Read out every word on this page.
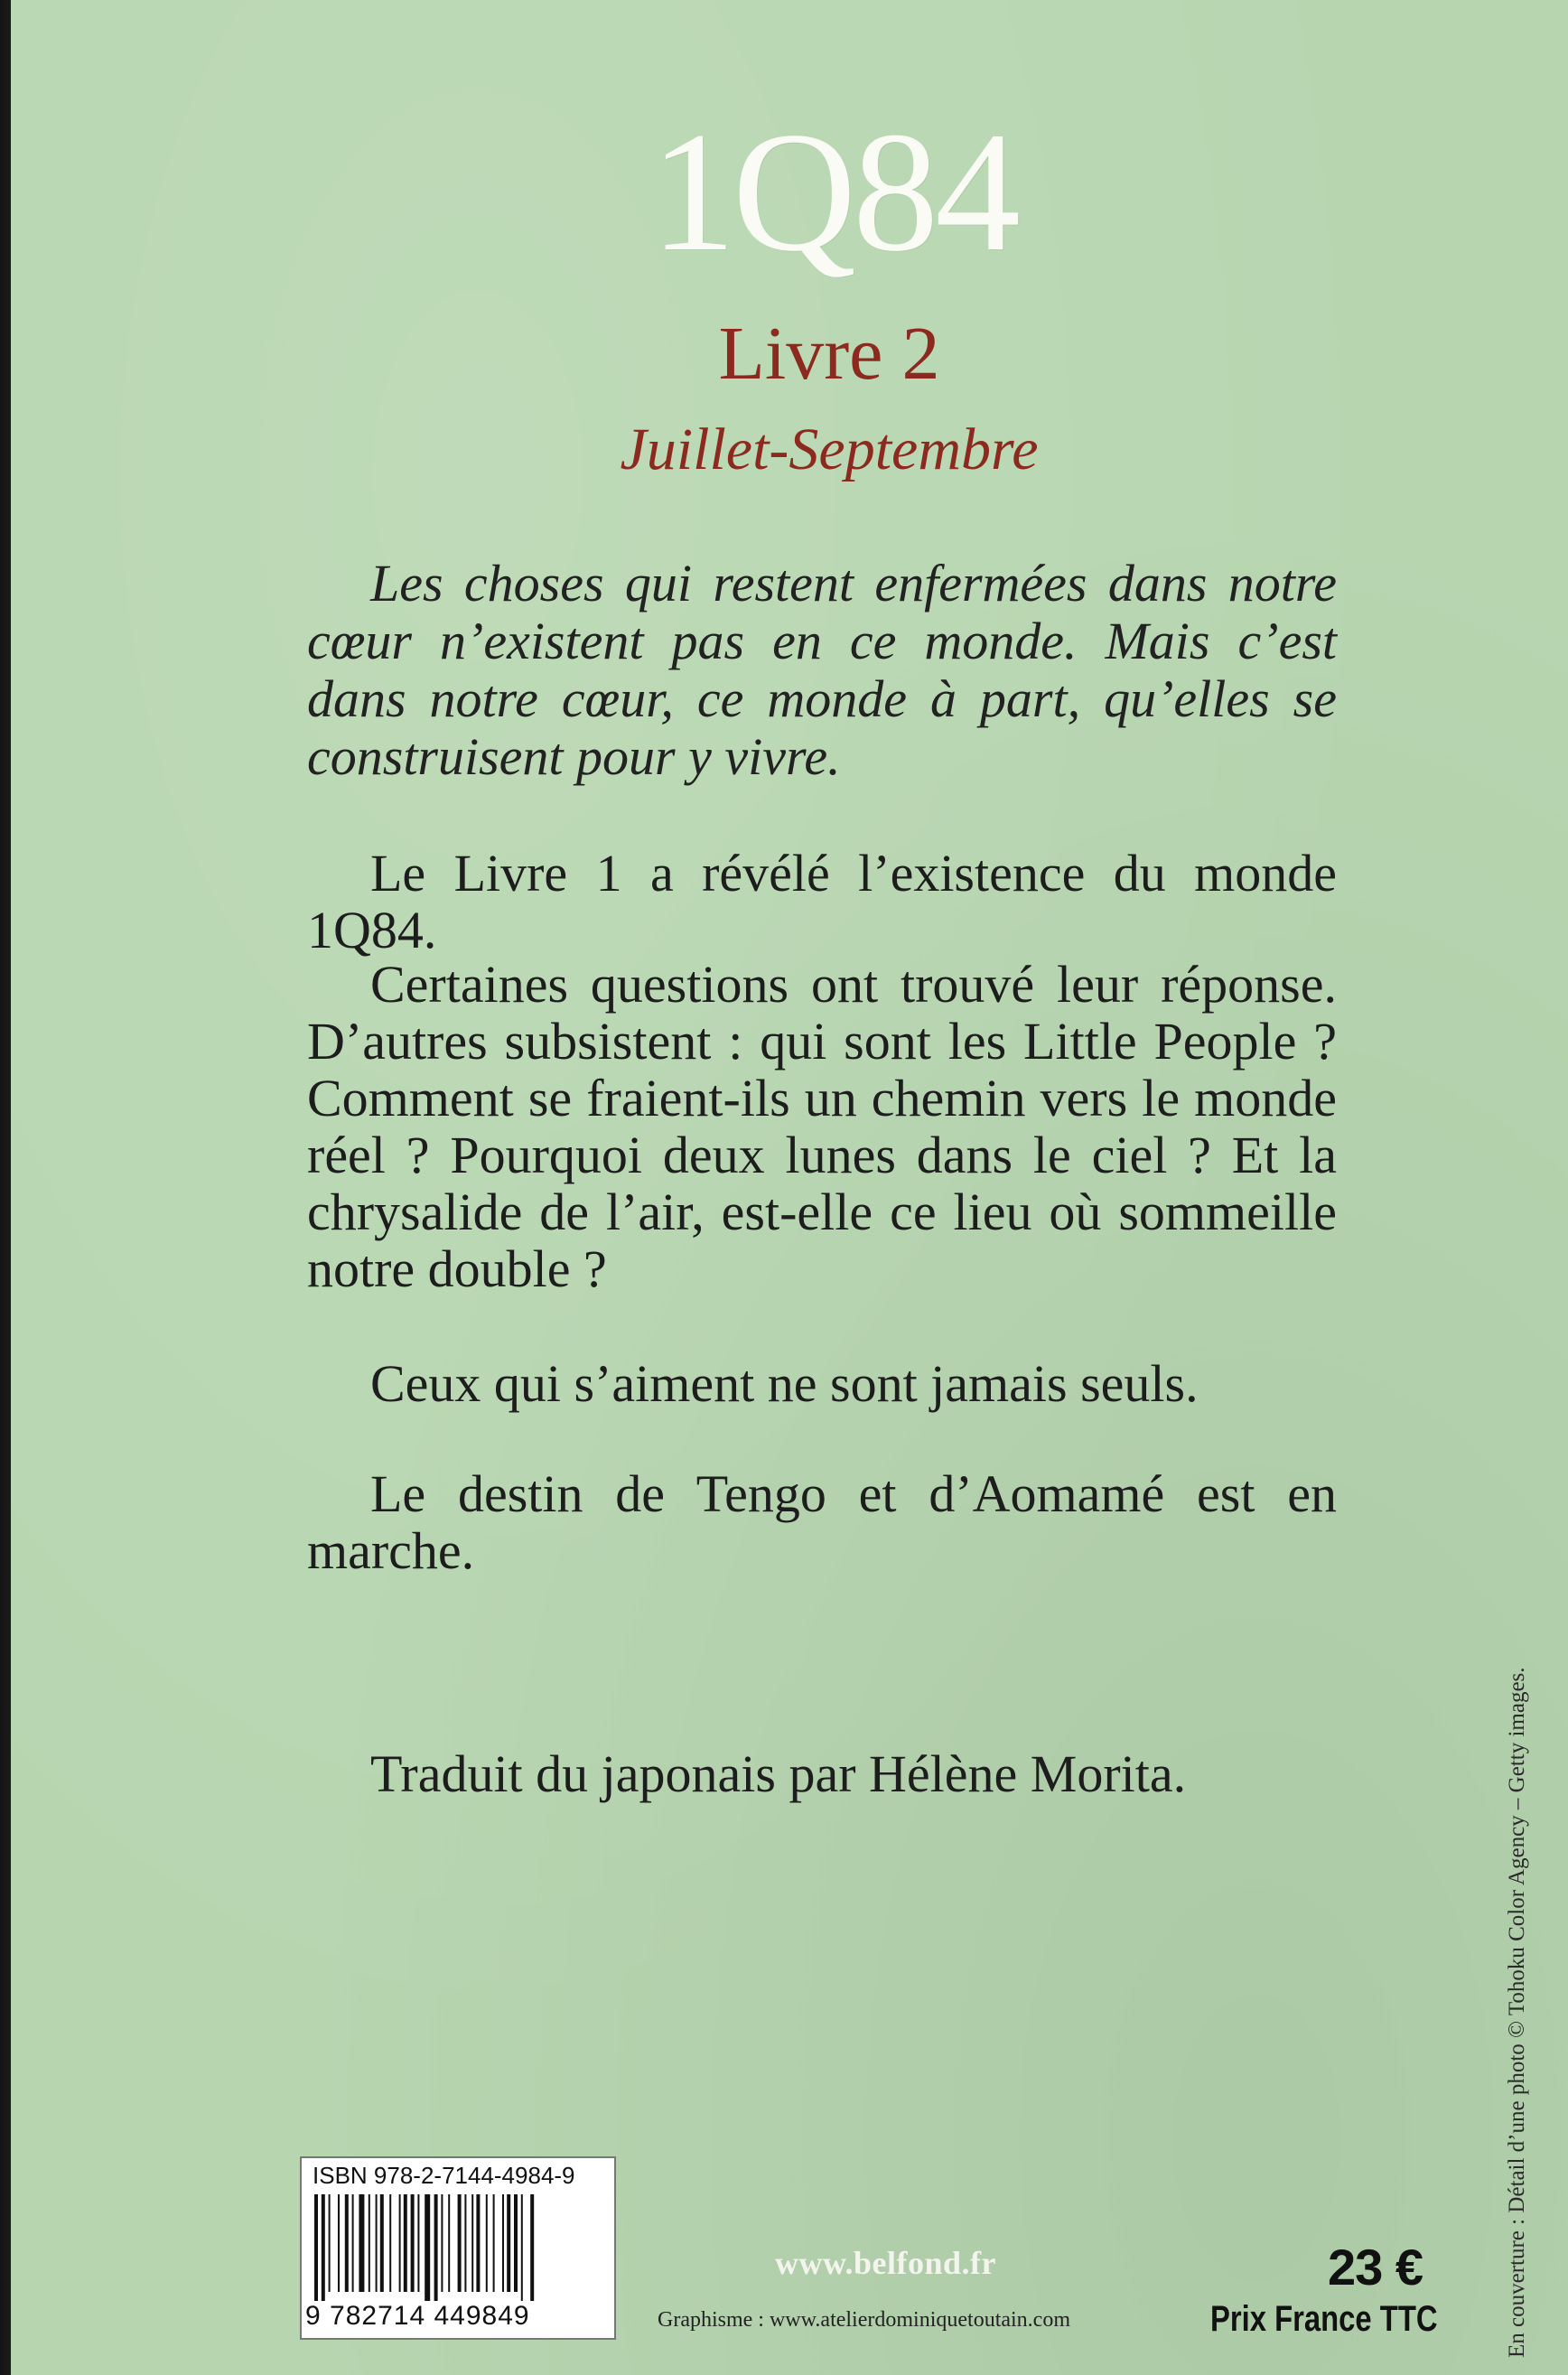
1Q84
Livre 2
Juillet-Septembre
Les choses qui restent enfermées dans notre cœur n’existent pas en ce monde. Mais c’est dans notre cœur, ce monde à part, qu’elles se construisent pour y vivre.

Le Livre 1 a révélé l’existence du monde 1Q84.

Certaines questions ont trouvé leur réponse. D’autres subsistent : qui sont les Little People ? Comment se fraient-ils un chemin vers le monde réel ? Pourquoi deux lunes dans le ciel ? Et la chrysalide de l’air, est-elle ce lieu où sommeille notre double ?

Ceux qui s’aiment ne sont jamais seuls.

Le destin de Tengo et d’Aomamé est en marche.

Traduit du japonais par Hélène Morita.	En couverture : Détail d’une photo © Tohoku Color Agency – Getty images.
ISBN 978-2-7144-4984-9
9 782714 449849
www.belfond.fr
Graphisme : www.atelierdominiquetoutain.com
23 €
Prix France TTC
